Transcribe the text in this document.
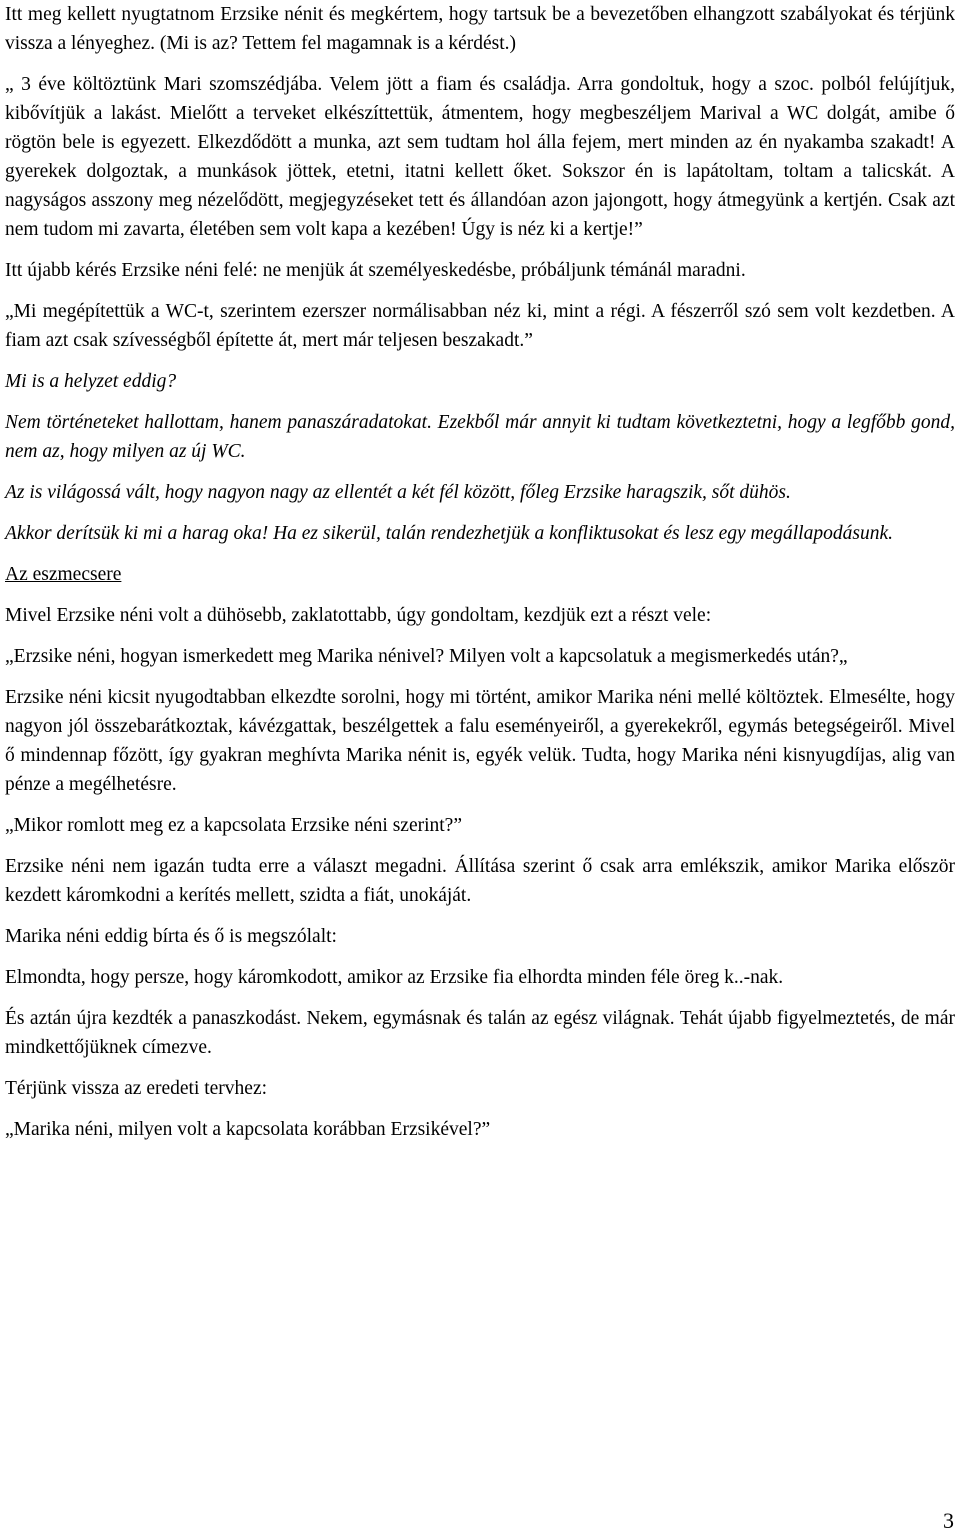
Itt meg kellett nyugtatnom Erzsike nénit és megkértem, hogy tartsuk be a bevezetőben elhangzott szabályokat és térjünk vissza a lényeghez. (Mi is az? Tettem fel magamnak is a kérdést.)

„ 3 éve költöztünk Mari szomszédjába. Velem jött a fiam és családja. Arra gondoltuk, hogy a szoc. polból felújítjuk, kibővítjük a lakást. Mielőtt a terveket elkészíttettük, átmentem, hogy megbeszéljem Marival a WC dolgát, amibe ő rögtön bele is egyezett. Elkezdődött a munka, azt sem tudtam hol álla fejem, mert minden az én nyakamba szakadt! A gyerekek dolgoztak, a munkások jöttek, etetni, itatni kellett őket. Sokszor én is lapátoltam, toltam a talicskát. A nagyságos asszony meg nézelődött, megjegyzéseket tett és állandóan azon jajongott, hogy átmegyünk a kertjén. Csak azt nem tudom mi zavarta, életében sem volt kapa a kezében! Úgy is néz ki a kertje!”

Itt újabb kérés Erzsike néni felé: ne menjük át személyeskedésbe, próbáljunk témánál maradni.

„Mi megépítettük a WC-t, szerintem ezerszer normálisabban néz ki, mint a régi. A fészerről szó sem volt kezdetben. A fiam azt csak szívességből építette át, mert már teljesen beszakadt.”

Mi is a helyzet eddig?

Nem történeteket hallottam, hanem panaszáradatokat. Ezekből már annyit ki tudtam következtetni, hogy a legfőbb gond, nem az, hogy milyen az új WC.

Az is világossá vált, hogy nagyon nagy az ellentét a két fél között, főleg Erzsike haragszik, sőt dühös.

Akkor derítsük ki mi a harag oka! Ha ez sikerül, talán rendezhetjük a konfliktusokat és lesz egy megállapodásunk.

Az eszmecsere

Mivel Erzsike néni volt a dühösebb, zaklatottabb, úgy gondoltam, kezdjük ezt a részt vele:

„Erzsike néni, hogyan ismerkedett meg Marika nénivel? Milyen volt a kapcsolatuk a megismerkedés után?„

Erzsike néni kicsit nyugodtabban elkezdte sorolni, hogy mi történt, amikor Marika néni mellé költöztek. Elmesélte, hogy nagyon jól összebarátkoztak, kávézgattak, beszélgettek a falu eseményeiről, a gyerekekről, egymás betegségeiről. Mivel ő mindennap főzött, így gyakran meghívta Marika nénit is, egyék velük. Tudta, hogy Marika néni kisnyugdíjas, alig van pénze a megélhetésre.

„Mikor romlott meg ez a kapcsolata Erzsike néni szerint?”

Erzsike néni nem igazán tudta erre a választ megadni. Állítása szerint ő csak arra emlékszik, amikor Marika először kezdett káromkodni a kerítés mellett, szidta a fiát, unokáját.

Marika néni eddig bírta és ő is megszólalt:

Elmondta, hogy persze, hogy káromkodott, amikor az Erzsike fia elhordta minden féle öreg k..-nak.

És aztán újra kezdték a panaszkodást. Nekem, egymásnak és talán az egész világnak. Tehát újabb figyelmeztetés, de már mindkettőjüknek címezve.

Térjünk vissza az eredeti tervhez:

„Marika néni, milyen volt a kapcsolata korábban Erzsikével?”

3
